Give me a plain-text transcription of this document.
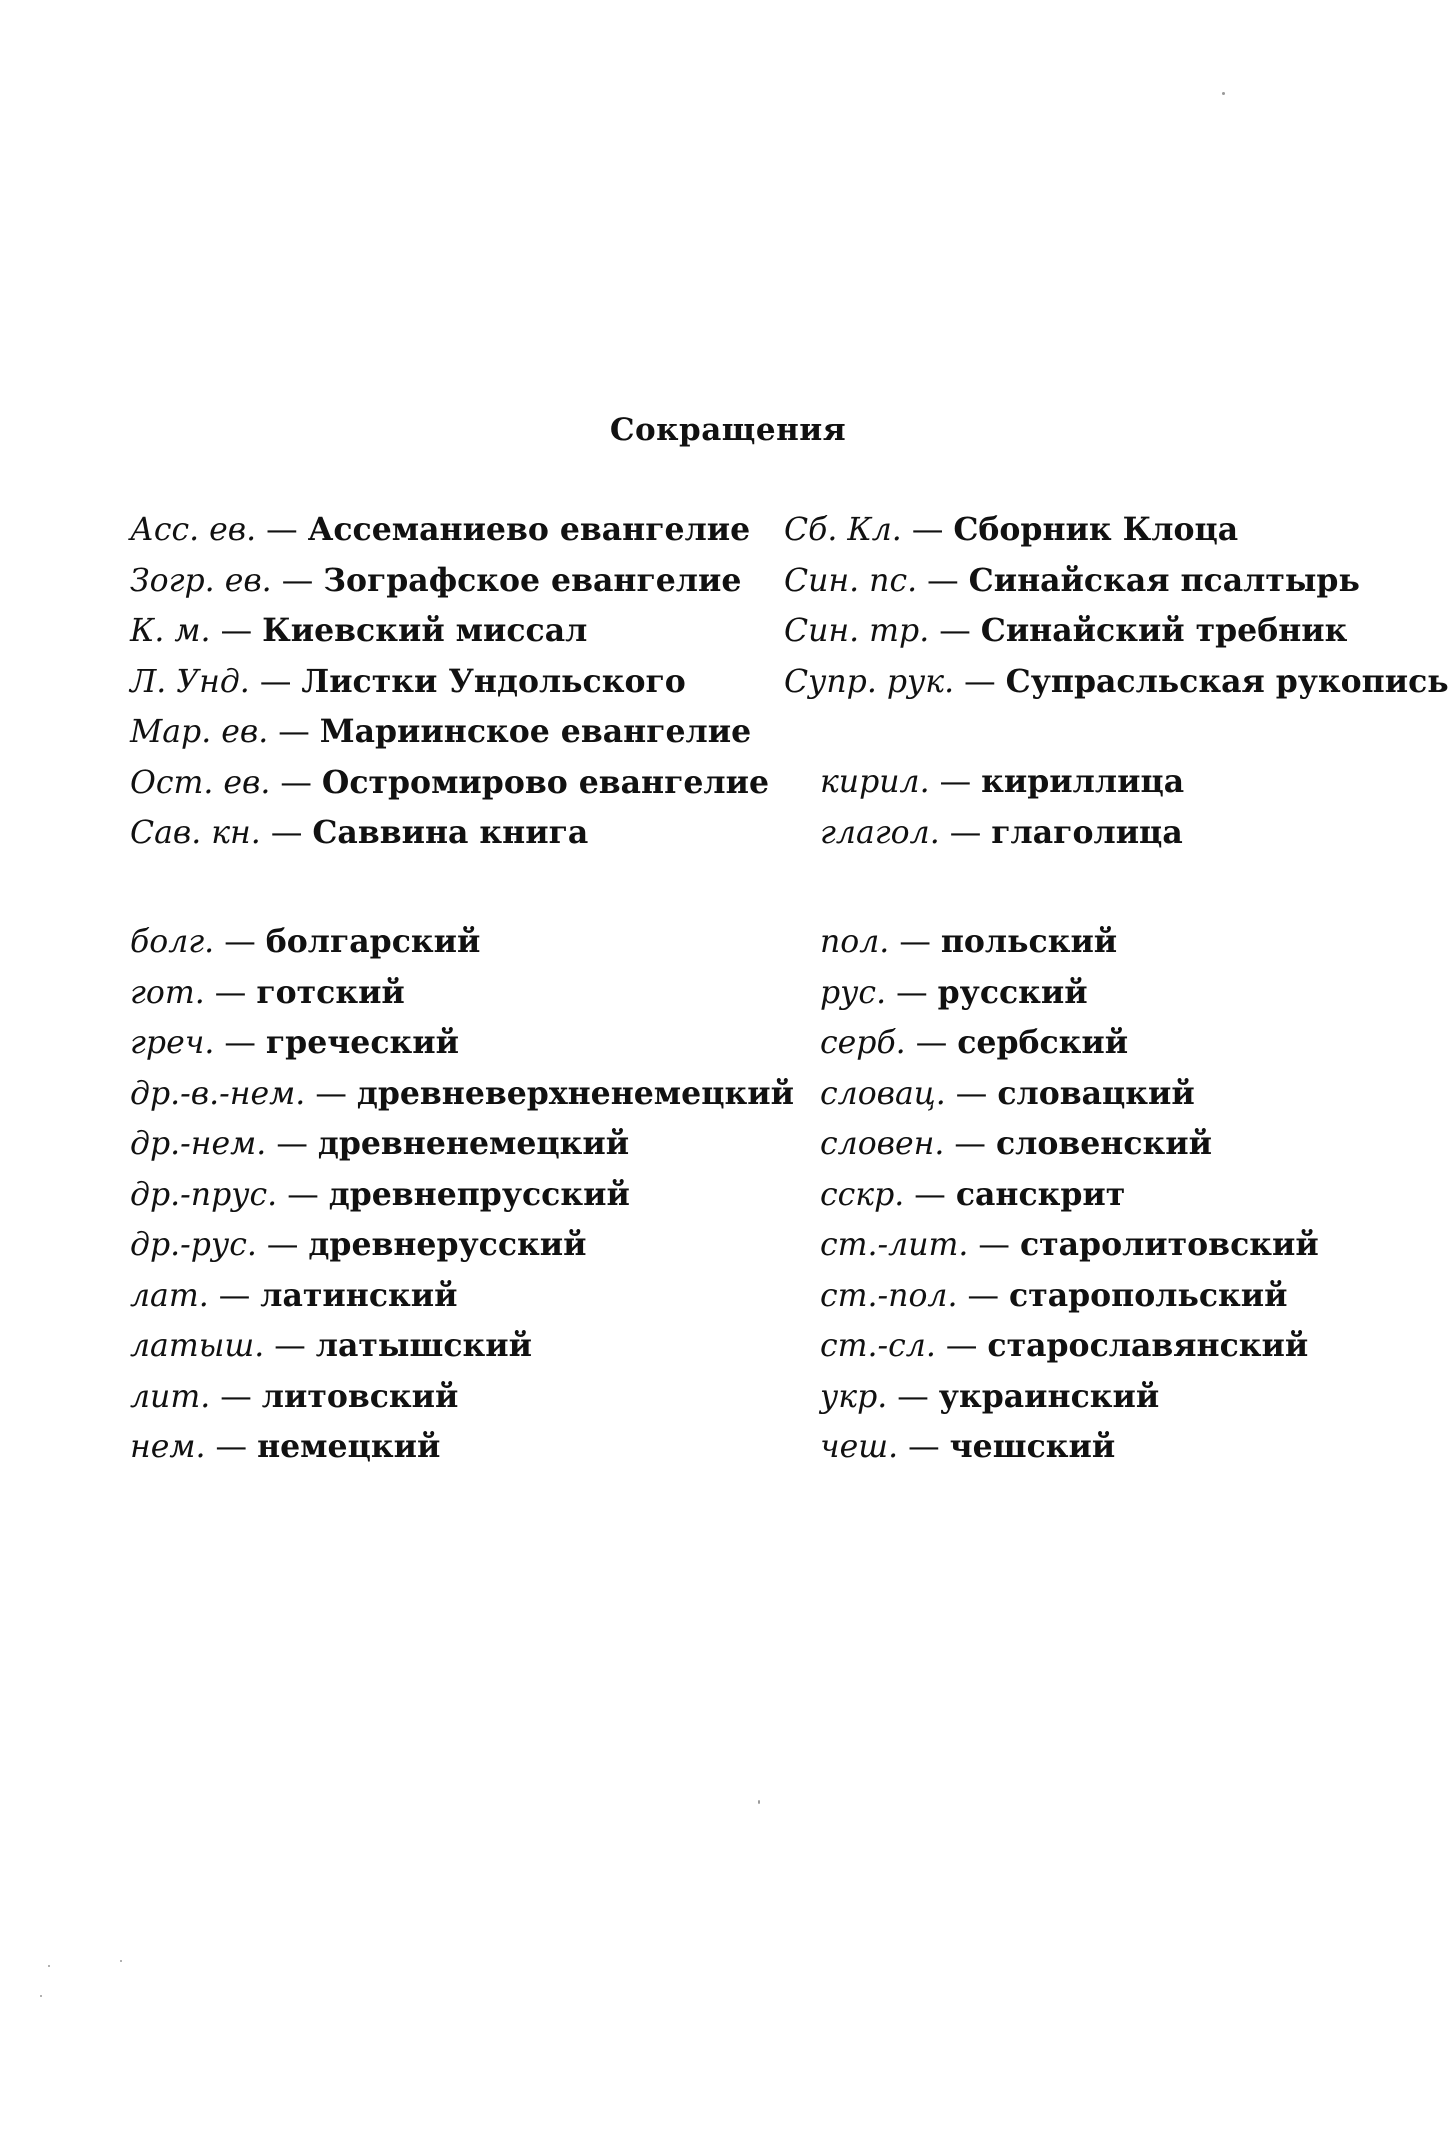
Сокращения
Асс. ев. — Ассеманиево евангелие
Зогр. ев. — Зографское евангелие
К. м. — Киевский миссал
Л. Унд. — Листки Ундольского
Мар. ев. — Мариинское евангелие
Ост. ев. — Остромирово евангелие
Сав. кн. — Саввина книга
Сб. Кл. — Сборник Клоца
Син. пс. — Синайская псалтырь
Син. тр. — Синайский требник
Супр. рук. — Супрасльская рукопись
кирил. — кириллица
глагол. — глаголица
болг. — болгарский
гот. — готский
греч. — греческий
др.-в.-нем. — древневерхненемецкий
др.-нем. — древненемецкий
др.-прус. — древнепрусский
др.-рус. — древнерусский
лат. — латинский
латыш. — латышский
лит. — литовский
нем. — немецкий
пол. — польский
рус. — русский
серб. — сербский
словац. — словацкий
словен. — словенский
сскр. — санскрит
ст.-лит. — старолитовский
ст.-пол. — старопольский
ст.-сл. — старославянский
укр. — украинский
чеш. — чешский
